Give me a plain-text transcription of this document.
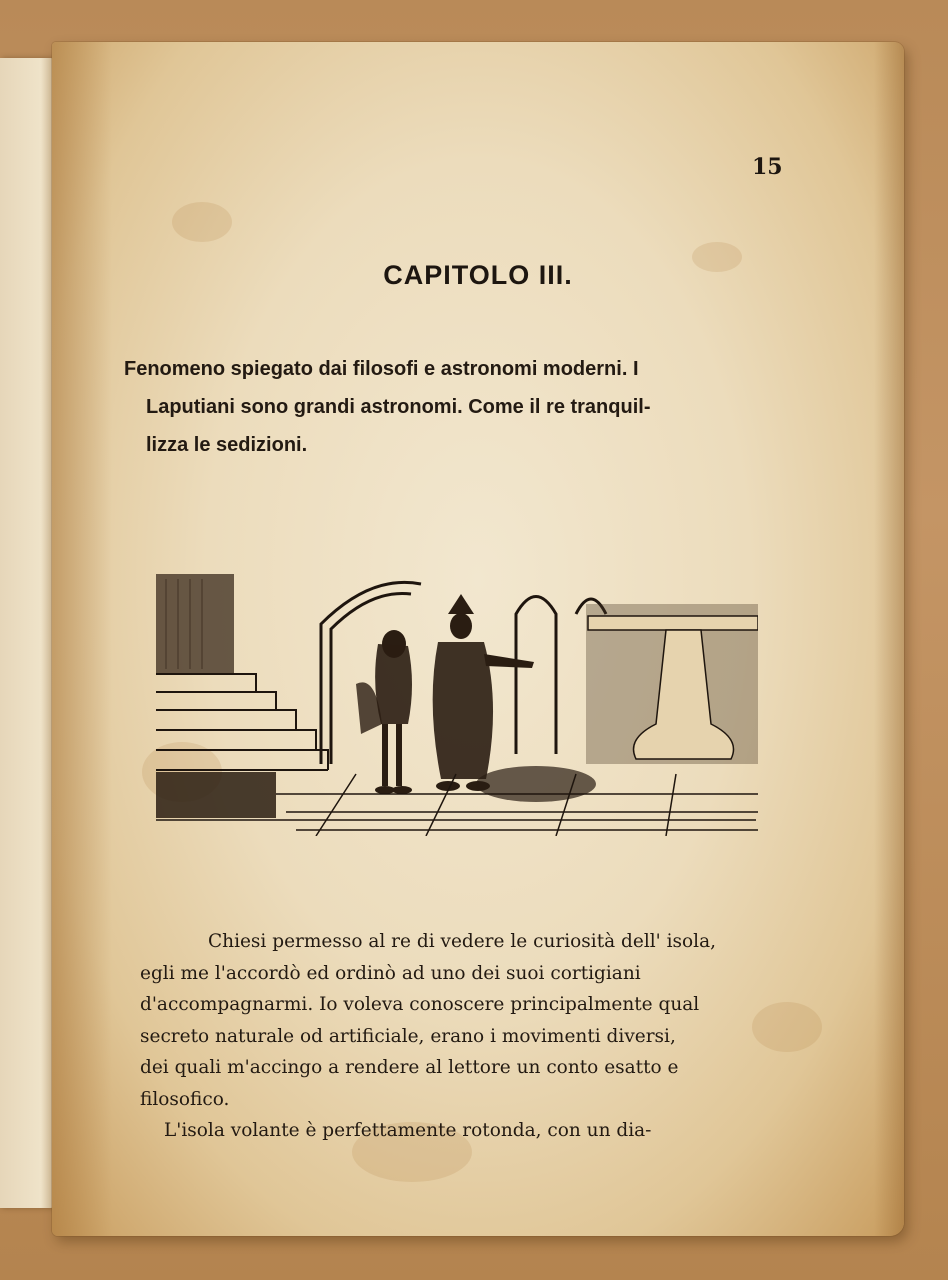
15
CAPITOLO III.
Fenomeno spiegato dai filosofi e astronomi moderni. I
Laputiani sono grandi astronomi. Come il re tranquil-
lizza le sedizioni.
Chiesi permesso al re di vedere le curiosità dell' isola,
egli me l'accordò ed ordinò ad uno dei suoi cortigiani
d'accompagnarmi. Io voleva conoscere principalmente qual
secreto naturale od artificiale, erano i movimenti diversi,
dei quali m'accingo a rendere al lettore un conto esatto e
filosofico.
L'isola volante è perfettamente rotonda, con un dia-
